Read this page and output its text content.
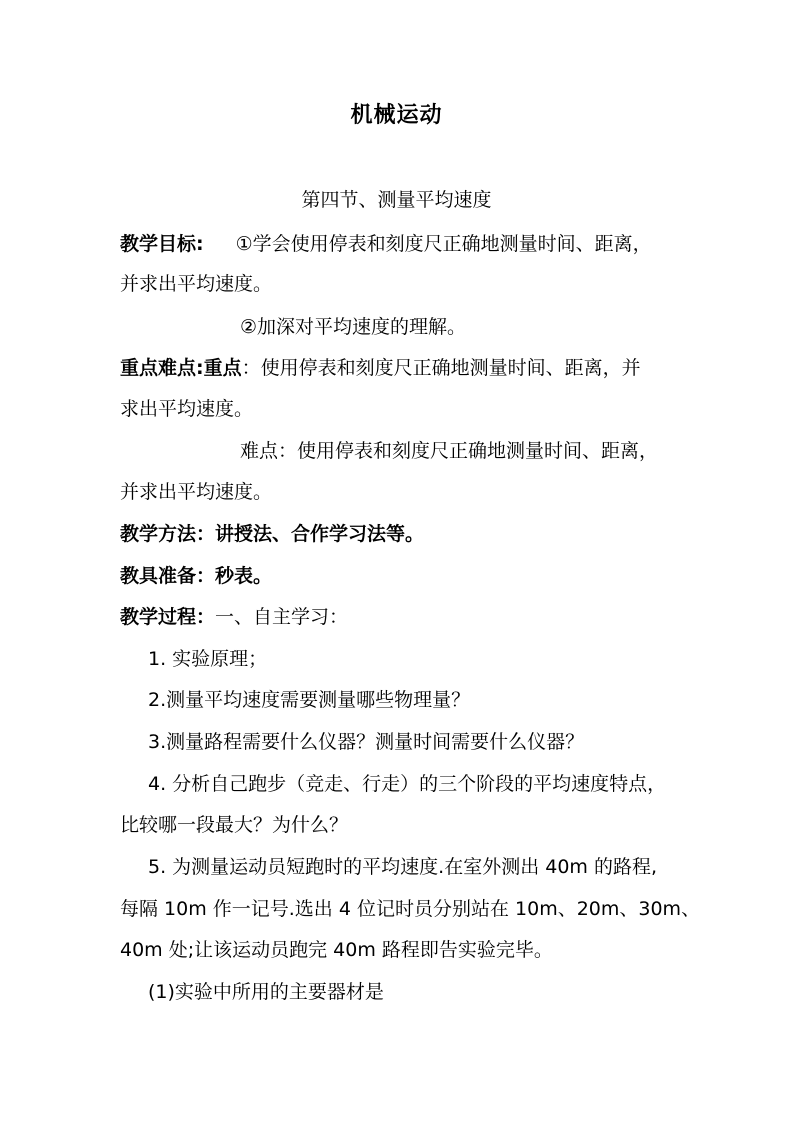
机械运动
第四节、测量平均速度
教学目标: ①学会使用停表和刻度尺正确地测量时间、距离，
并求出平均速度。
②加深对平均速度的理解。
重点难点:重点：使用停表和刻度尺正确地测量时间、距离，并
求出平均速度。
难点：使用停表和刻度尺正确地测量时间、距离，
并求出平均速度。
教学方法：讲授法、合作学习法等。
教具准备：秒表。
教学过程：一、自主学习：
1. 实验原理；
2.测量平均速度需要测量哪些物理量？
3.测量路程需要什么仪器？测量时间需要什么仪器？
4. 分析自己跑步（竞走、行走）的三个阶段的平均速度特点，
比较哪一段最大？为什么？
5. 为测量运动员短跑时的平均速度.在室外测出 40m 的路程,
每隔 10m 作一记号.选出 4 位记时员分别站在 10m、20m、30m、
40m 处;让该运动员跑完 40m 路程即告实验完毕。
(1)实验中所用的主要器材是
